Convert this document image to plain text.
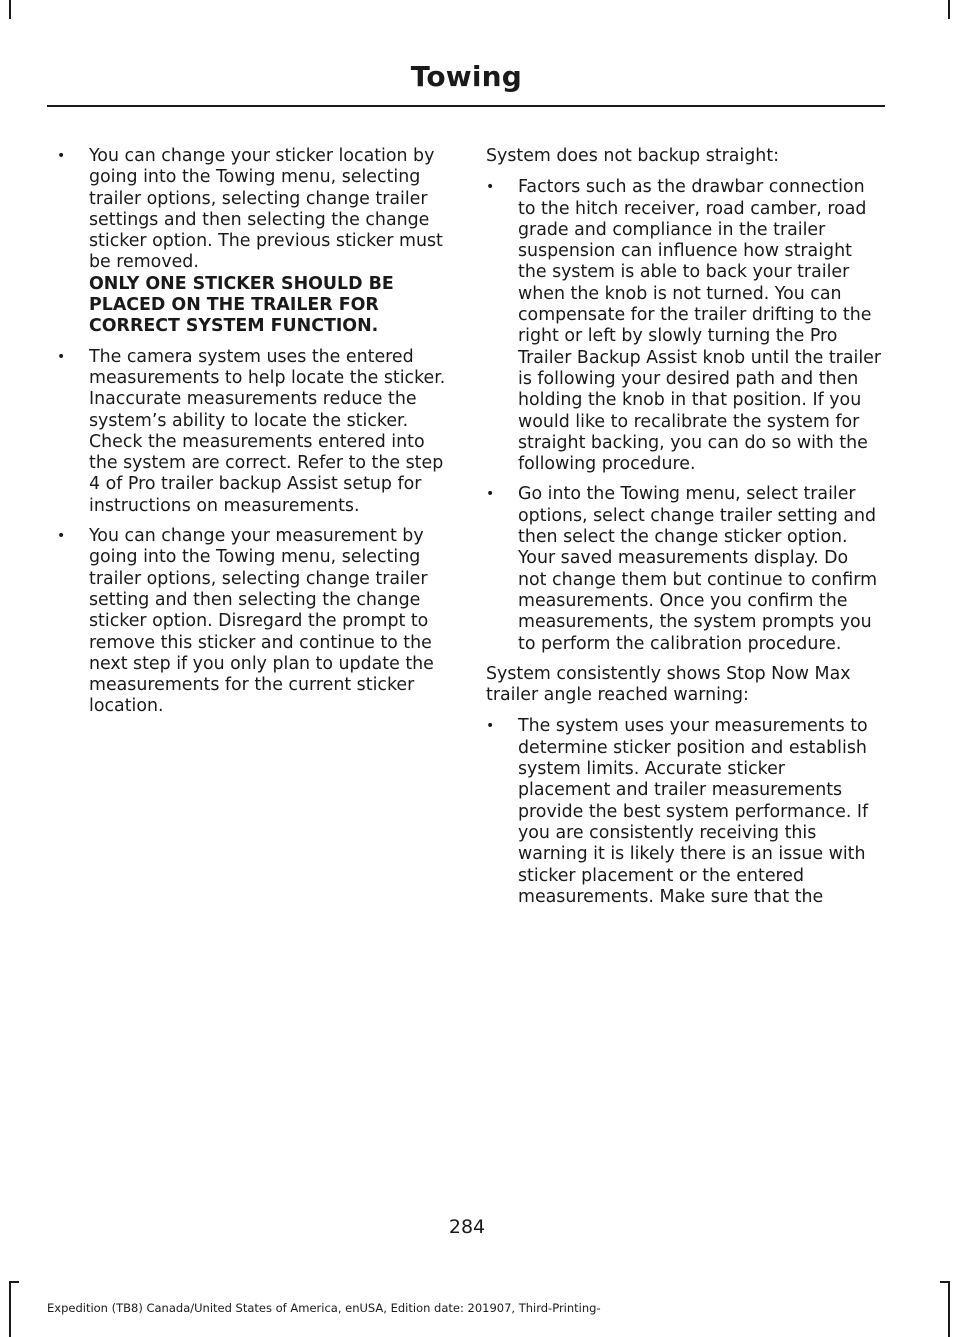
Towing
• You can change your sticker location by going into the Towing menu, selecting trailer options, selecting change trailer settings and then selecting the change sticker option. The previous sticker must be removed.
ONLY ONE STICKER SHOULD BE PLACED ON THE TRAILER FOR CORRECT SYSTEM FUNCTION.
• The camera system uses the entered measurements to help locate the sticker. Inaccurate measurements reduce the system’s ability to locate the sticker. Check the measurements entered into the system are correct. Refer to the step 4 of Pro trailer backup Assist setup for instructions on measurements.
• You can change your measurement by going into the Towing menu, selecting trailer options, selecting change trailer setting and then selecting the change sticker option. Disregard the prompt to remove this sticker and continue to the next step if you only plan to update the measurements for the current sticker location.

System does not backup straight:

• Factors such as the drawbar connection to the hitch receiver, road camber, road grade and compliance in the trailer suspension can influence how straight the system is able to back your trailer when the knob is not turned. You can compensate for the trailer drifting to the right or left by slowly turning the Pro Trailer Backup Assist knob until the trailer is following your desired path and then holding the knob in that position. If you would like to recalibrate the system for straight backing, you can do so with the following procedure.
• Go into the Towing menu, select trailer options, select change trailer setting and then select the change sticker option. Your saved measurements display. Do not change them but continue to confirm measurements. Once you confirm the measurements, the system prompts you to perform the calibration procedure.

System consistently shows Stop Now Max trailer angle reached warning:

• The system uses your measurements to determine sticker position and establish system limits. Accurate sticker placement and trailer measurements provide the best system performance. If you are consistently receiving this warning it is likely there is an issue with sticker placement or the entered measurements. Make sure that the
284
Expedition (TB8) Canada/United States of America, enUSA, Edition date: 201907, Third-Printing-
